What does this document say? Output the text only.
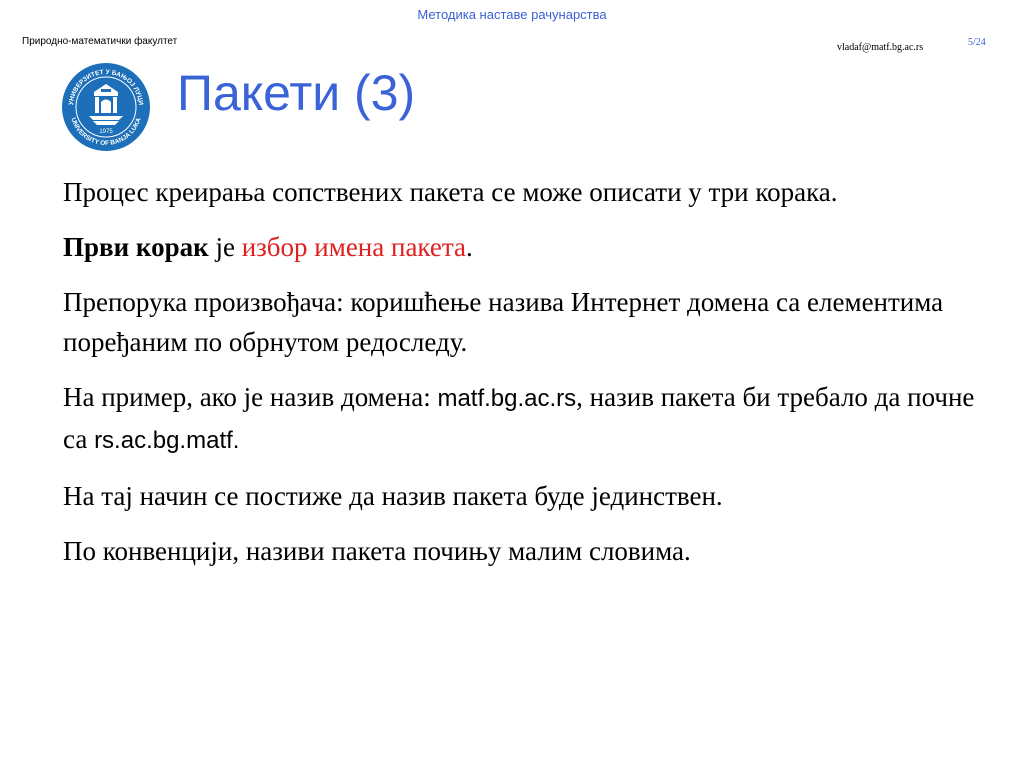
Методика наставе рачунарства
Природно-математички факултет
vladaf@matf.bg.ac.rs	5/24
УНИВЕРЗИТЕТ У БАЊОЈ ЛУЦИ
UNIVERSITY OF BANJA LUKA
1975
Пакети (3)

Процес креирања сопствених пакета се може описати у три корака.

Први корак је избор имена пакета.

Препорука произвођача: коришћење назива Интернет домена са елементима поређаним по обрнутом редоследу.

На пример, ако је назив домена: matf.bg.ac.rs, назив пакета би требало да почне са rs.ac.bg.matf.

На тај начин се постиже да назив пакета буде јединствен.

По конвенцији, називи пакета почињу малим словима.
